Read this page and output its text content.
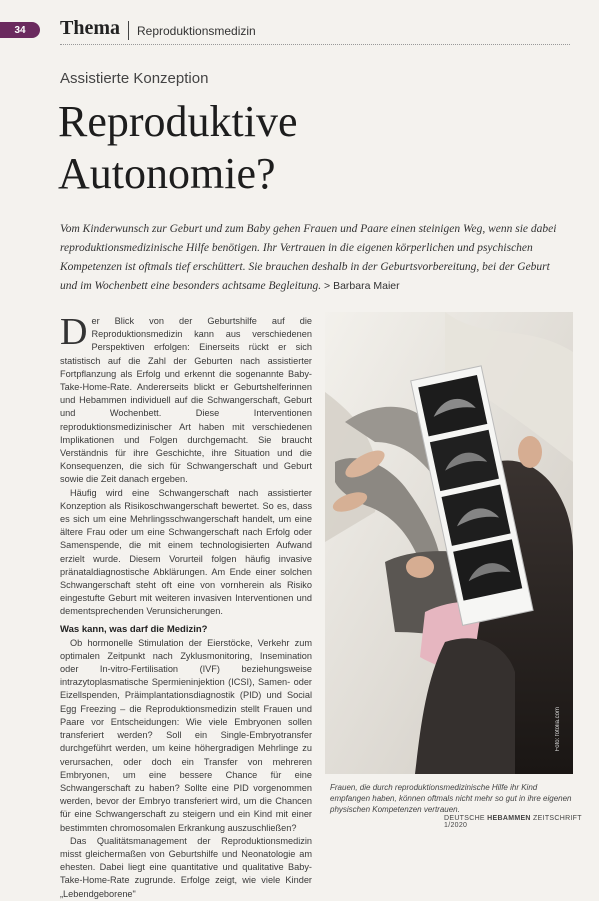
34	Thema Reproduktionsmedizin
Assistierte Konzeption
Reproduktive
Autonomie?
Vom Kinderwunsch zur Geburt und zum Baby gehen Frauen und Paare einen steinigen Weg, wenn sie dabei reproduktionsmedizinische Hilfe benötigen. Ihr Vertrauen in die eigenen körperlichen und psychischen Kompetenzen ist oftmals tief erschüttert. Sie brauchen deshalb in der Geburtsvorbereitung, bei der Geburt und im Wochenbett eine besonders achtsame Begleitung. > Barbara Maier

Der Blick von der Geburtshilfe auf die Reproduktionsmedizin kann aus verschiedenen Perspektiven erfolgen: Einerseits rückt er sich statistisch auf die Zahl der Geburten nach assistierter Fortpflanzung als Erfolg und erkennt die sogenannte Baby-Take-Home-Rate. Andererseits blickt er Geburtshelferinnen und Hebammen individuell auf die Schwangerschaft, Geburt und Wochenbett. Diese Interventionen reproduktionsmedizinischer Art haben mit verschiedenen Implikationen und Folgen durchgemacht. Sie braucht Verständnis für ihre Geschichte, ihre Situation und die Konsequenzen, die sich für Schwangerschaft und Geburt sowie die Zeit danach ergeben.

Häufig wird eine Schwangerschaft nach assistierter Konzeption als Risikoschwangerschaft bewertet. So es, dass es sich um eine Mehrlingsschwangerschaft handelt, um eine ältere Frau oder um eine Schwangerschaft nach Erfolg oder Samenspende, die mit einem technologisierten Aufwand erzielt wurde. Diesem Vorurteil folgen häufig invasive pränataldiagnostische Abklärungen. Am Ende einer solchen Schwangerschaft steht oft eine von vornherein als Risiko eingestufte Geburt mit weiteren invasiven Interventionen und dementsprechenden Verunsicherungen.

Was kann, was darf die Medizin?

Ob hormonelle Stimulation der Eierstöcke, Verkehr zum optimalen Zeitpunkt nach Zyklusmonitoring, Insemination oder In-vitro-Fertilisation (IVF) beziehungsweise intrazytoplasmatische Spermieninjektion (ICSI), Samen- oder Eizellspenden, Präimplantationsdiagnostik (PID) und Social Egg Freezing – die Reproduktionsmedizin stellt Frauen und Paare vor Entscheidungen: Wie viele Embryonen sollen transferiert werden? Soll ein Single-Embryotransfer durchgeführt werden, um keine höhergradigen Mehrlinge zu verursachen, oder doch ein Transfer von mehreren Embryonen, um eine bessere Chance für eine Schwangerschaft zu haben? Sollte eine PID vorgenommen werden, bevor der Embryo transferiert wird, um die Chancen für eine Schwangerschaft zu steigern und ein Kind mit einer bestimmten chromosomalen Erkrankung auszuschließen?

Das Qualitätsmanagement der Reproduktionsmedizin misst gleichermaßen von Geburtshilfe und Neonatologie am ehesten. Dabei liegt eine quantitative und qualitative Baby-Take-Home-Rate zugrunde. Erfolge zeigt, wie viele Kinder „Lebendgeborene"

Foto: fotolia.com
Frauen, die durch reproduktionsmedizinische Hilfe ihr Kind empfangen haben, können oftmals nicht mehr so gut in ihre eigenen physischen Kompetenzen vertrauen.
DEUTSCHE HEBAMMEN ZEITSCHRIFT 1/2020
